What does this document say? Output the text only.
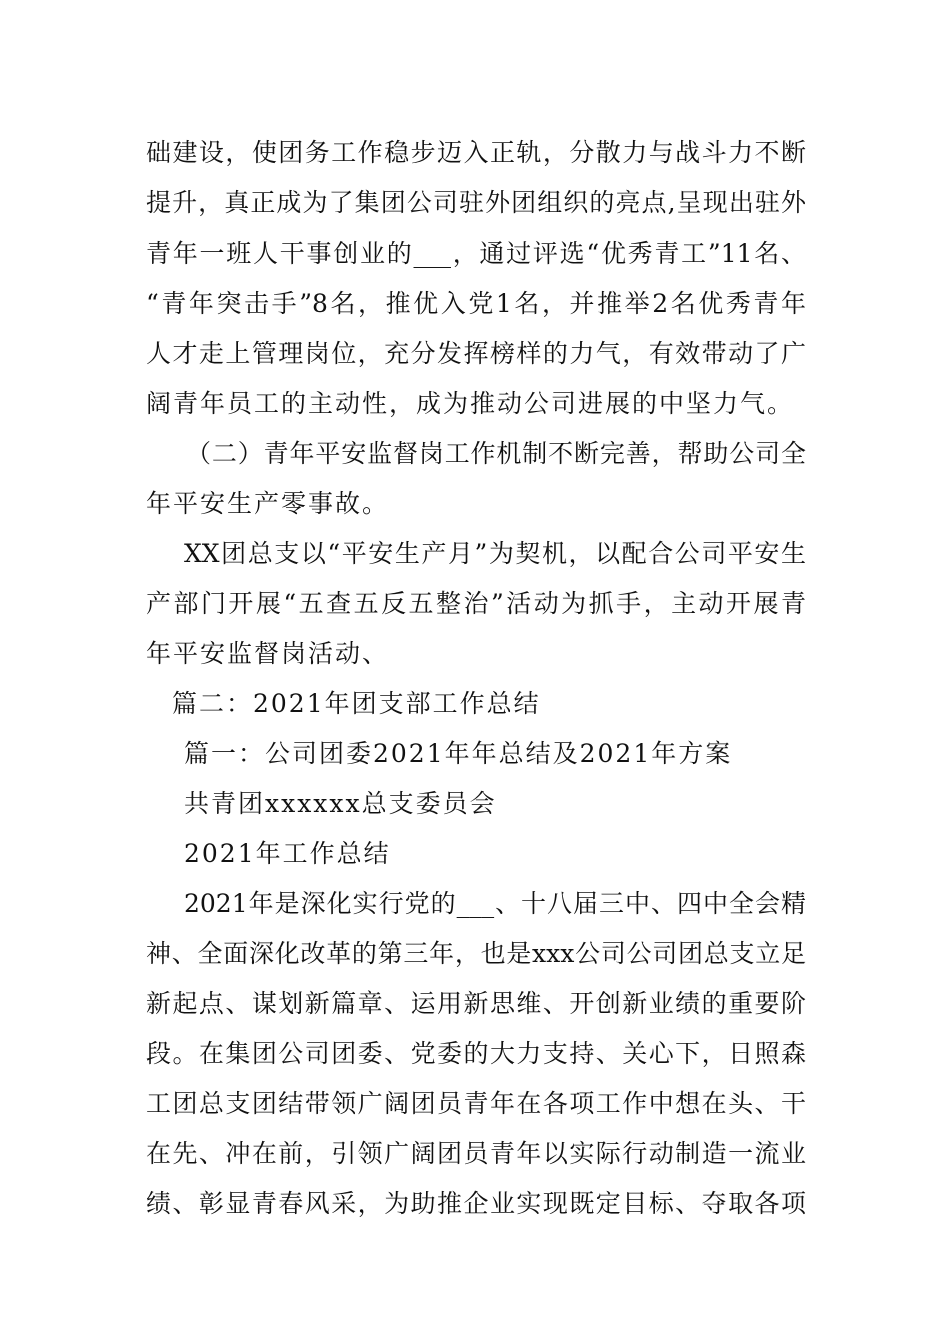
础建设，使团务工作稳步迈入正轨，分散力与战斗力不断
提升，真正成为了集团公司驻外团组织的亮点,呈现出驻外
青年一班人干事创业的___，通过评选“优秀青工”11名、
“青年突击手”8名，推优入党1名，并推举2名优秀青年
人才走上管理岗位，充分发挥榜样的力气，有效带动了广
阔青年员工的主动性，成为推动公司进展的中坚力气。
（二）青年平安监督岗工作机制不断完善，帮助公司全
年平安生产零事故。
XX团总支以“平安生产月”为契机，以配合公司平安生
产部门开展“五查五反五整治”活动为抓手，主动开展青
年平安监督岗活动、
篇二：2021年团支部工作总结
篇一：公司团委2021年年总结及2021年方案
共青团xxxxxx总支委员会
2021年工作总结
2021年是深化实行党的___、十八届三中、四中全会精
神、全面深化改革的第三年，也是xxx公司公司团总支立足
新起点、谋划新篇章、运用新思维、开创新业绩的重要阶
段。在集团公司团委、党委的大力支持、关心下，日照森
工团总支团结带领广阔团员青年在各项工作中想在头、干
在先、冲在前，引领广阔团员青年以实际行动制造一流业
绩、彰显青春风采，为助推企业实现既定目标、夺取各项
